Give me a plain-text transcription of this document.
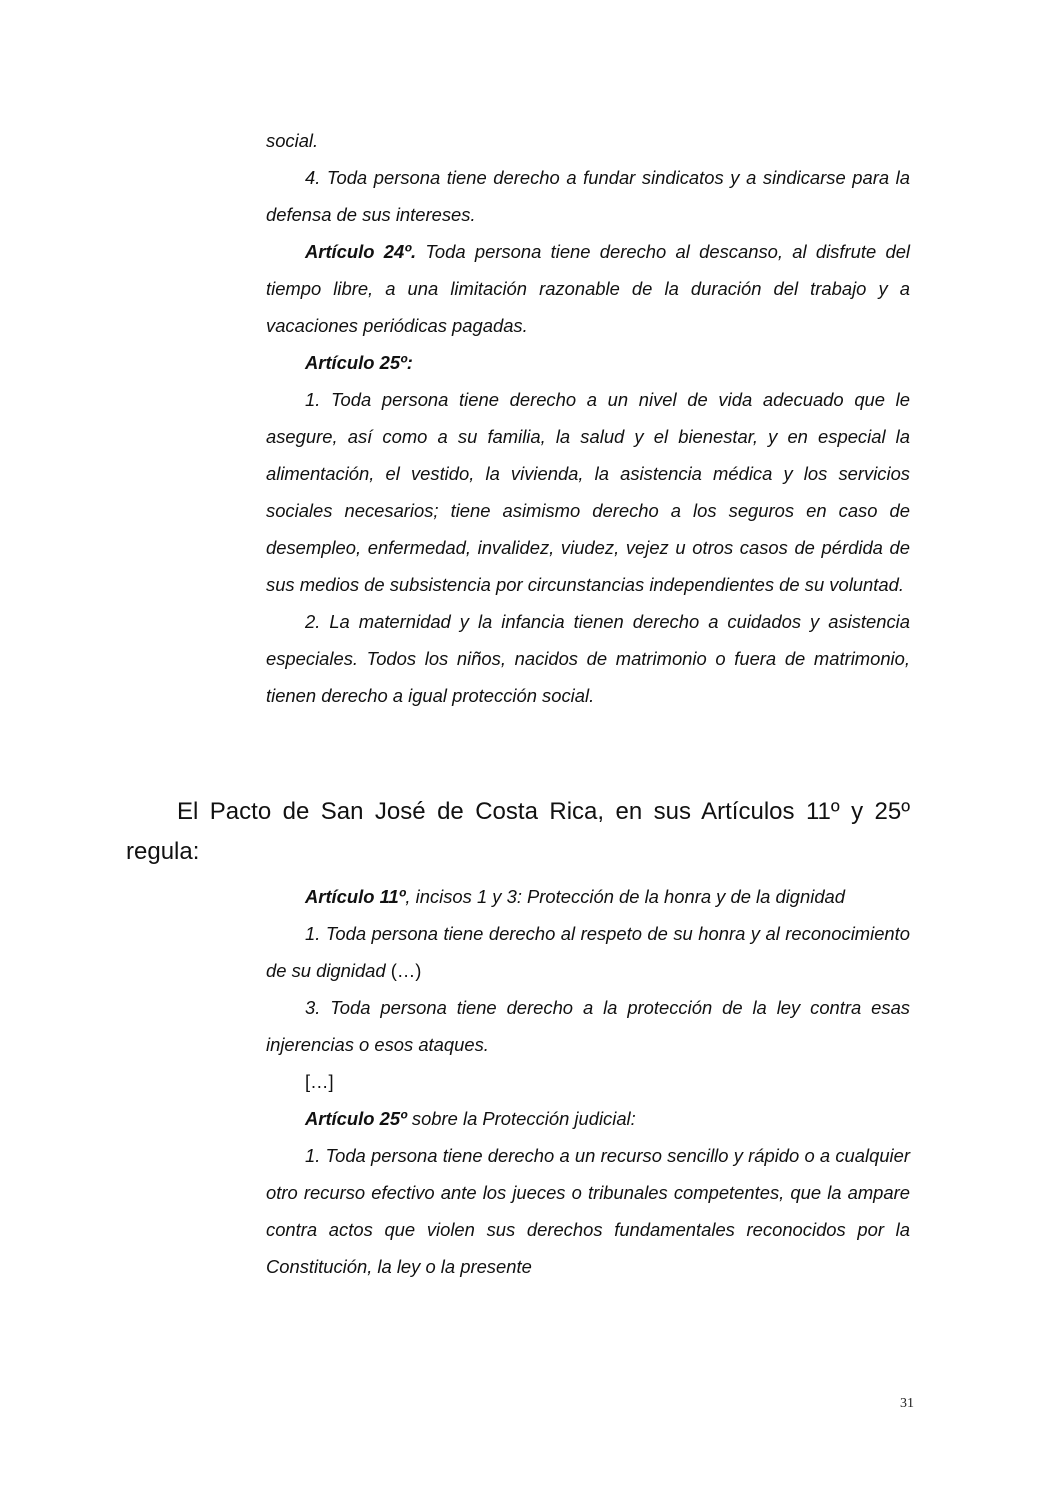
social.

4. Toda persona tiene derecho a fundar sindicatos y a sindicarse para la defensa de sus intereses.

Artículo 24º. Toda persona tiene derecho al descanso, al disfrute del tiempo libre, a una limitación razonable de la duración del trabajo y a vacaciones periódicas pagadas.

Artículo 25º:

1. Toda persona tiene derecho a un nivel de vida adecuado que le asegure, así como a su familia, la salud y el bienestar, y en especial la alimentación, el vestido, la vivienda, la asistencia médica y los servicios sociales necesarios; tiene asimismo derecho a los seguros en caso de desempleo, enfermedad, invalidez, viudez, vejez u otros casos de pérdida de sus medios de subsistencia por circunstancias independientes de su voluntad.

2. La maternidad y la infancia tienen derecho a cuidados y asistencia especiales. Todos los niños, nacidos de matrimonio o fuera de matrimonio, tienen derecho a igual protección social.

El Pacto de San José de Costa Rica, en sus Artículos 11º y 25º regula:

Artículo 11º, incisos 1 y 3: Protección de la honra y de la dignidad

1. Toda persona tiene derecho al respeto de su honra y al reconocimiento de su dignidad (…)

3. Toda persona tiene derecho a la protección de la ley contra esas injerencias o esos ataques.

[…]

Artículo 25º sobre la Protección judicial:

1. Toda persona tiene derecho a un recurso sencillo y rápido o a cualquier otro recurso efectivo ante los jueces o tribunales competentes, que la ampare contra actos que violen sus derechos fundamentales reconocidos por la Constitución, la ley o la presente

31
